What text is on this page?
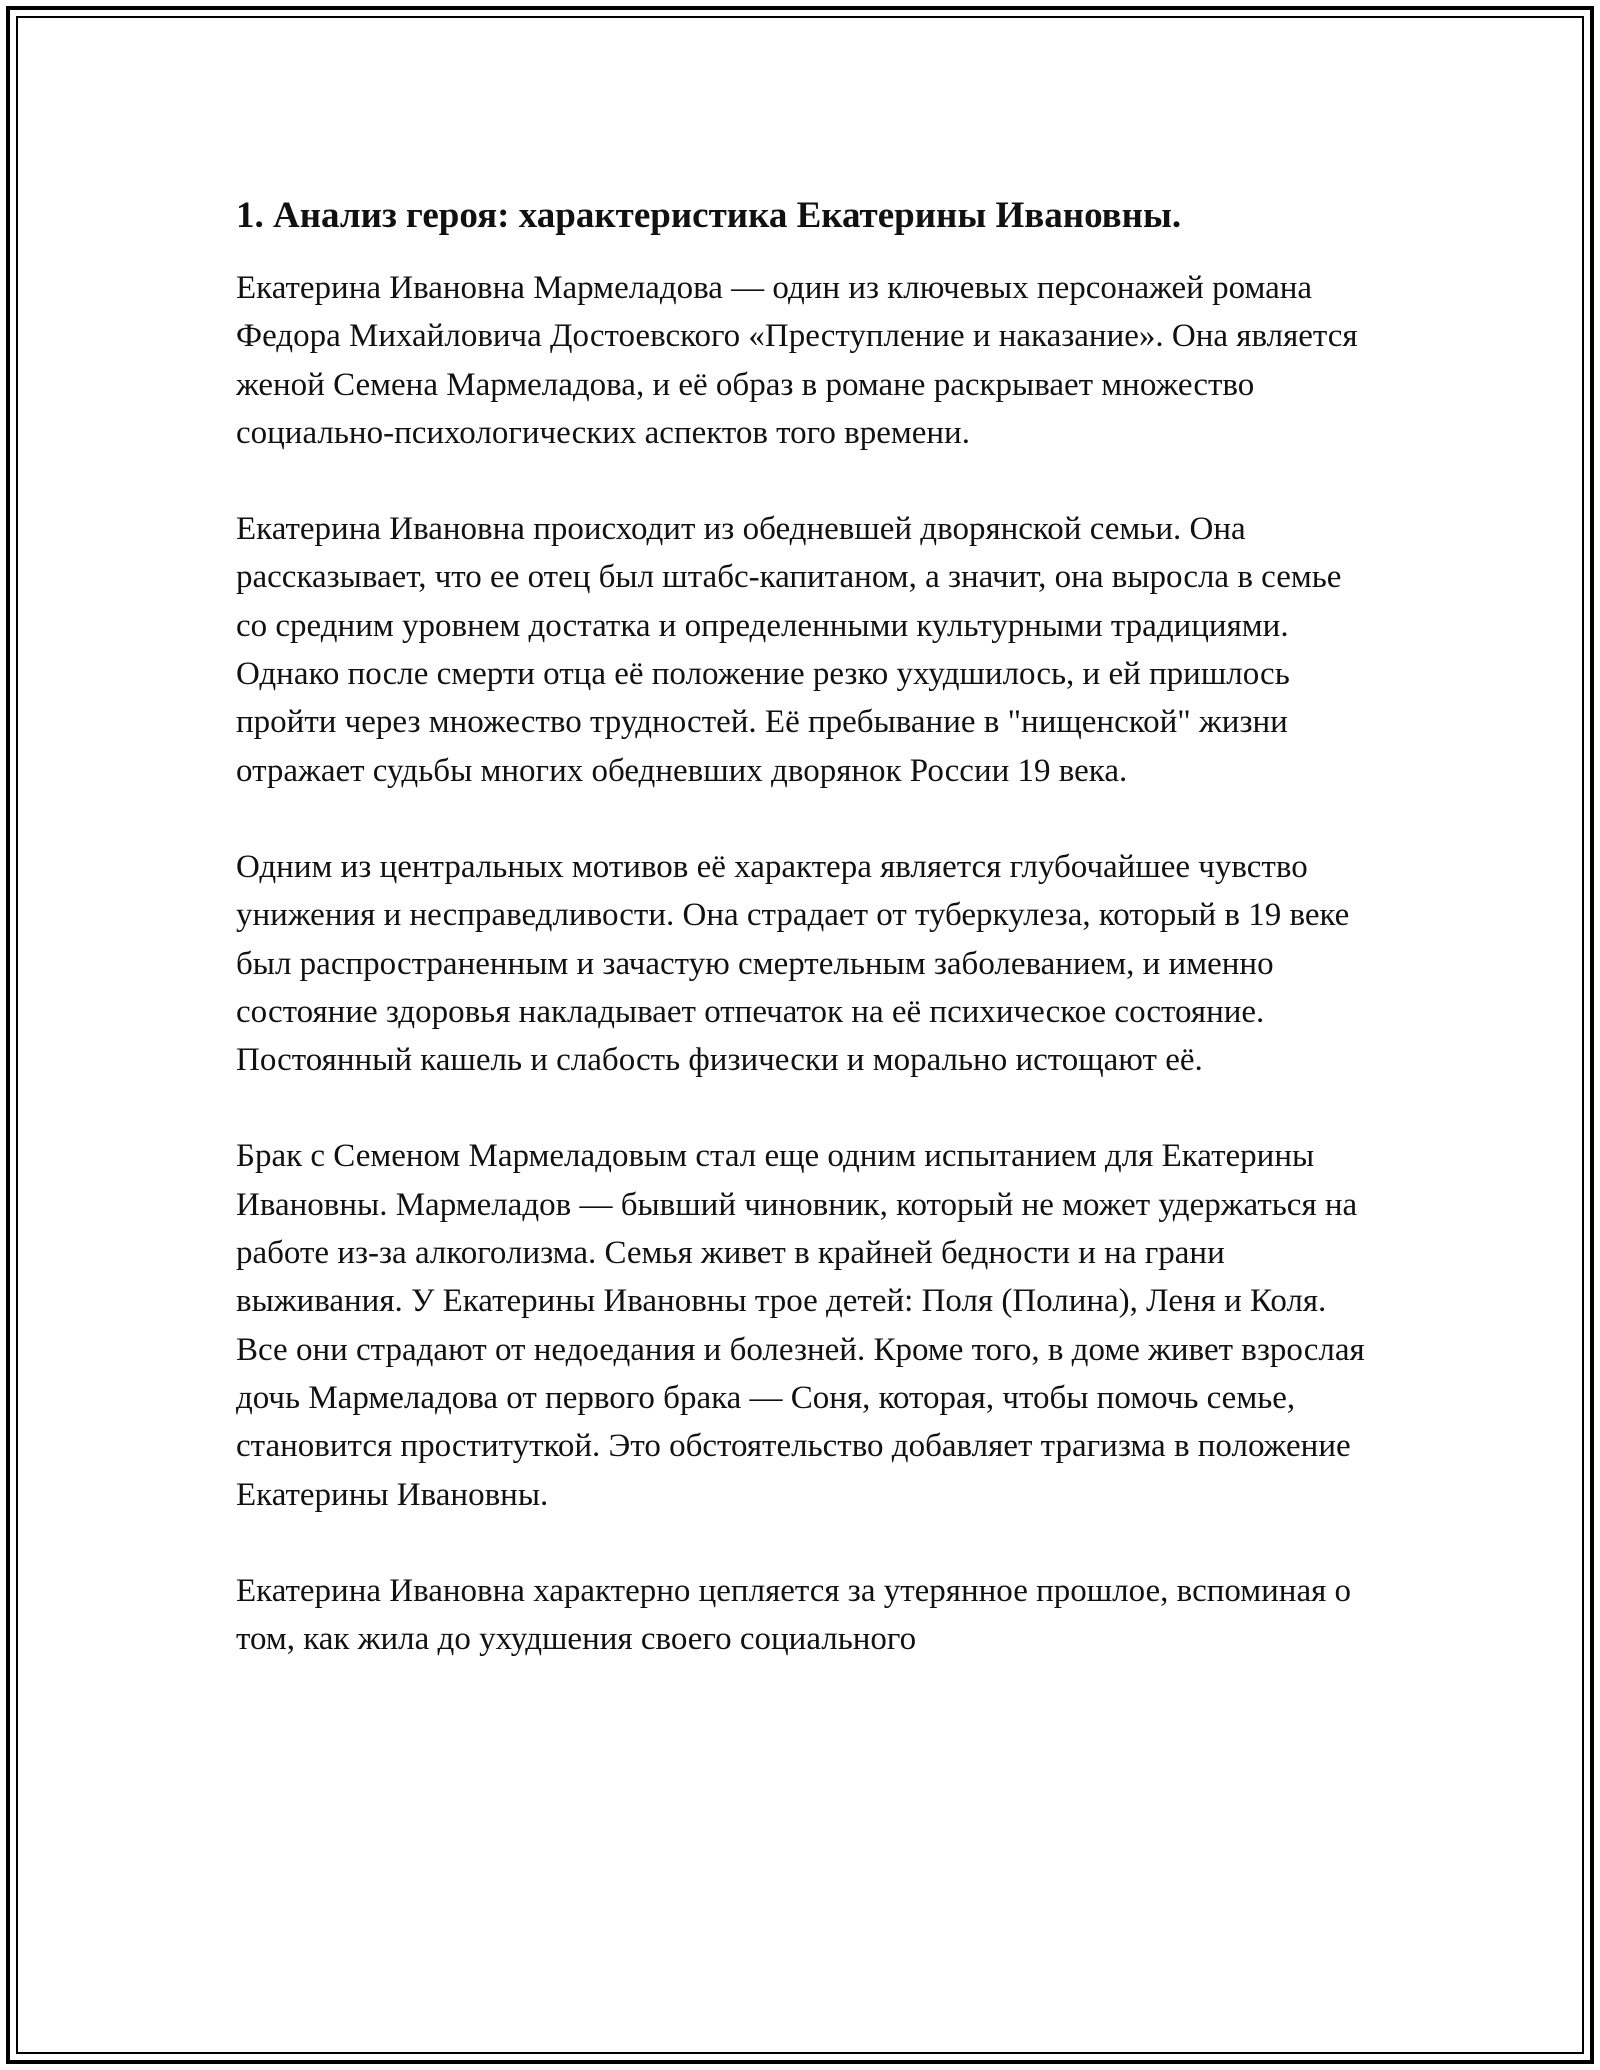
1. Анализ героя: характеристика Екатерины Ивановны.

Екатерина Ивановна Мармеладова — один из ключевых персонажей романа Федора Михайловича Достоевского «Преступление и наказание». Она является женой Семена Мармеладова, и её образ в романе раскрывает множество социально-психологических аспектов того времени.

Екатерина Ивановна происходит из обедневшей дворянской семьи. Она рассказывает, что ее отец был штабс-капитаном, а значит, она выросла в семье со средним уровнем достатка и определенными культурными традициями. Однако после смерти отца её положение резко ухудшилось, и ей пришлось пройти через множество трудностей. Её пребывание в "нищенской" жизни отражает судьбы многих обедневших дворянок России 19 века.

Одним из центральных мотивов её характера является глубочайшее чувство унижения и несправедливости. Она страдает от туберкулеза, который в 19 веке был распространенным и зачастую смертельным заболеванием, и именно состояние здоровья накладывает отпечаток на её психическое состояние. Постоянный кашель и слабость физически и морально истощают её.

Брак с Семеном Мармеладовым стал еще одним испытанием для Екатерины Ивановны. Мармеладов — бывший чиновник, который не может удержаться на работе из-за алкоголизма. Семья живет в крайней бедности и на грани выживания. У Екатерины Ивановны трое детей: Поля (Полина), Леня и Коля. Все они страдают от недоедания и болезней. Кроме того, в доме живет взрослая дочь Мармеладова от первого брака — Соня, которая, чтобы помочь семье, становится проституткой. Это обстоятельство добавляет трагизма в положение Екатерины Ивановны.

Екатерина Ивановна характерно цепляется за утерянное прошлое, вспоминая о том, как жила до ухудшения своего социального
